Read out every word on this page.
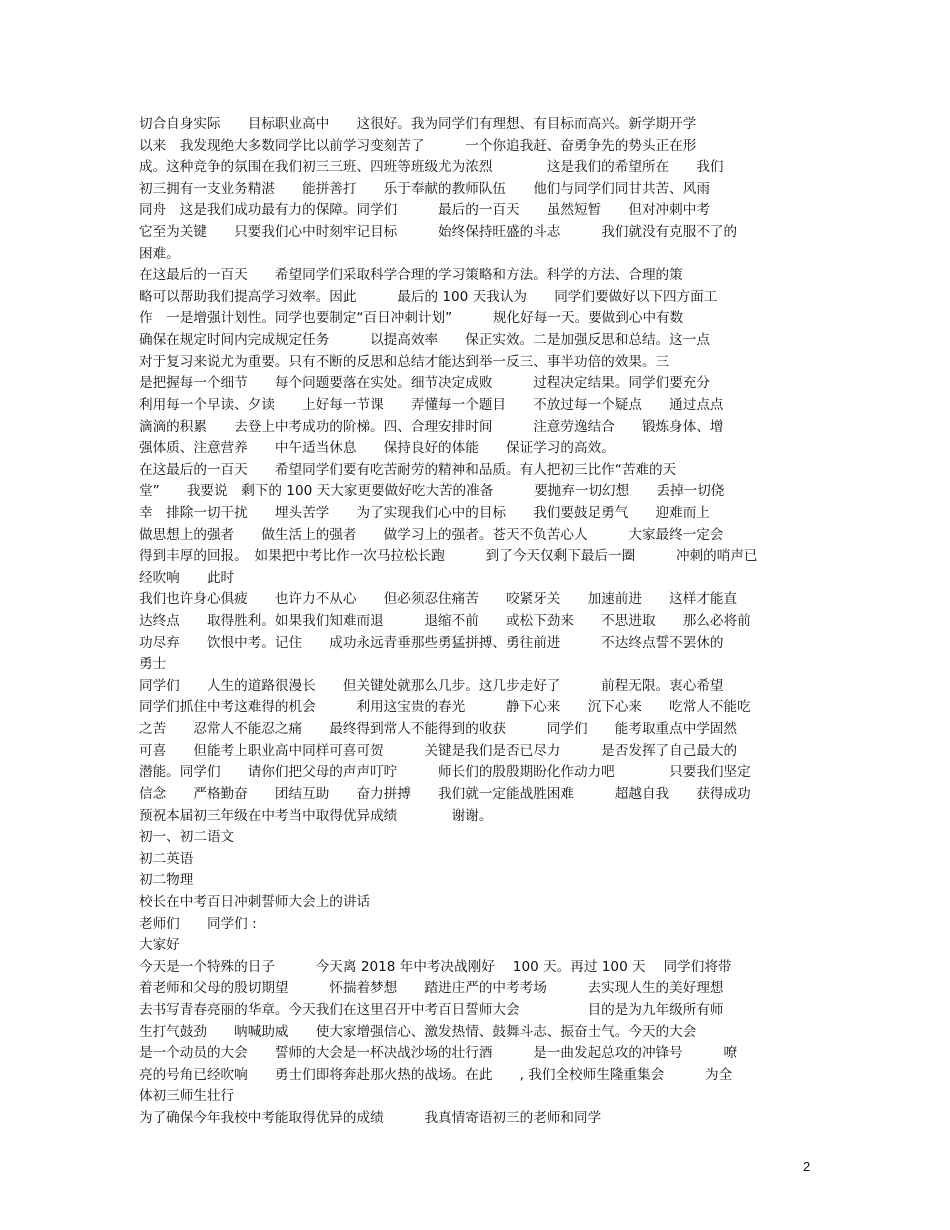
切合自身实际　　目标职业高中　　这很好。我为同学们有理想、有目标而高兴。新学期开学
以来　我发现绝大多数同学比以前学习变刻苦了　　　一个你追我赶、奋勇争先的势头正在形
成。这种竞争的氛围在我们初三三班、四班等班级尤为浓烈　　　　这是我们的希望所在　　我们
初三拥有一支业务精湛　　能拼善打　　乐于奉献的教师队伍　　他们与同学们同甘共苦、风雨
同舟　这是我们成功最有力的保障。同学们　　　最后的一百天　　虽然短暂　　但对冲刺中考
它至为关键　　只要我们心中时刻牢记目标　　　始终保持旺盛的斗志　　　我们就没有克服不了的
困难。
在这最后的一百天　　希望同学们采取科学合理的学习策略和方法。科学的方法、合理的策
略可以帮助我们提高学习效率。因此　　　最后的 100 天我认为　　同学们要做好以下四方面工
作　一是增强计划性。同学也要制定“百日冲刺计划”　　　规化好每一天。要做到心中有数
确保在规定时间内完成规定任务　　　以提高效率　　保正实效。二是加强反思和总结。这一点
对于复习来说尤为重要。只有不断的反思和总结才能达到举一反三、事半功倍的效果。三
是把握每一个细节　　每个问题要落在实处。细节决定成败　　　过程决定结果。同学们要充分
利用每一个早读、夕读　　上好每一节课　　弄懂每一个题目　　不放过每一个疑点　　通过点点
滴滴的积累　　去登上中考成功的阶梯。四、合理安排时间　　　注意劳逸结合　　锻炼身体、增
强体质、注意营养　　中午适当休息　　保持良好的体能　　保证学习的高效。
在这最后的一百天　　希望同学们要有吃苦耐劳的精神和品质。有人把初三比作“苦难的天
堂”　　我要说　剩下的 100 天大家更要做好吃大苦的准备　　　要抛弃一切幻想　　丢掉一切侥
幸　排除一切干扰　　埋头苦学　　为了实现我们心中的目标　　我们要鼓足勇气　　迎难而上
做思想上的强者　　做生活上的强者　　做学习上的强者。苍天不负苦心人　　　大家最终一定会
得到丰厚的回报。　如果把中考比作一次马拉松长跑　　　到了今天仅剩下最后一圈　　　冲刺的哨声已
经吹响　　此时
我们也许身心俱疲　　也许力不从心　　但必须忍住痛苦　　咬紧牙关　　加速前进　　这样才能直
达终点　　取得胜利。如果我们知难而退　　　退缩不前　　或松下劲来　　不思进取　　那么必将前
功尽弃　　饮恨中考。记住　　成功永远青垂那些勇猛拼搏、勇往前进　　　不达终点誓不罢休的
勇士
同学们　　人生的道路很漫长　　但关键处就那么几步。这几步走好了　　　前程无限。衷心希望
同学们抓住中考这难得的机会　　　利用这宝贵的春光　　　静下心来　　沉下心来　　吃常人不能吃
之苦　　忍常人不能忍之痛　　最终得到常人不能得到的收获　　　同学们　　能考取重点中学固然
可喜　　但能考上职业高中同样可喜可贺　　　关键是我们是否已尽力　　　是否发挥了自己最大的
潜能。同学们　　请你们把父母的声声叮咛　　　师长们的殷殷期盼化作动力吧　　　　只要我们坚定
信念　　严格勤奋　　团结互助　　奋力拼搏　　我们就一定能战胜困难　　　超越自我　　获得成功
预祝本届初三年级在中考当中取得优异成绩　　　　谢谢。
初一、初二语文
初二英语
初二物理
校长在中考百日冲刺誓师大会上的讲话
老师们　　同学们 :
大家好
今天是一个特殊的日子　　　今天离 2018 年中考决战刚好　 100 天。再过 100 天　 同学们将带
着老师和父母的殷切期望　　　怀揣着梦想　　踏进庄严的中考考场　　　去实现人生的美好理想
去书写青春亮丽的华章。今天我们在这里召开中考百日誓师大会　　　　　目的是为九年级所有师
生打气鼓劲　　呐喊助威　　使大家增强信心、激发热情、鼓舞斗志、振奋士气。今天的大会
是一个动员的大会　　誓师的大会是一杯决战沙场的壮行酒　　　是一曲发起总攻的冲锋号　　　嘹
亮的号角已经吹响　　勇士们即将奔赴那火热的战场。在此　　, 我们全校师生隆重集会　　　为全
体初三师生壮行
为了确保今年我校中考能取得优异的成绩　　　我真情寄语初三的老师和同学
2
